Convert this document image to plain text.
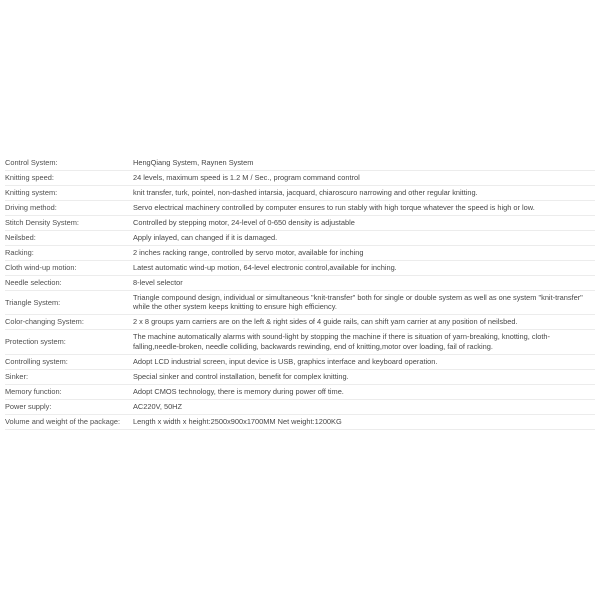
Control System:	HengQiang System, Raynen System
Knitting speed:	24 levels, maximum speed is 1.2 M / Sec., program command control
Knitting system:	knit transfer, turk, pointel, non-dashed intarsia, jacquard, chiaroscuro narrowing and other regular knitting.
Driving method:	Servo electrical machinery controlled by computer ensures to run stably with high torque whatever the speed is high or low.
Stitch Density System:	Controlled by stepping motor, 24-level of 0-650 density is adjustable
Neilsbed:	Apply inlayed, can changed if it is damaged.
Racking:	2 inches racking range, controlled by servo motor, available for inching
Cloth wind-up motion:	Latest automatic wind-up motion, 64-level electronic control,available for inching.
Needle selection:	8-level selector
Triangle System:	Triangle compound design, individual or simultaneous "knit-transfer" both for single or double system as well as one system "knit-transfer" while the other system keeps knitting to ensure high efficiency.
Color-changing System:	2 x 8 groups yarn carriers are on the left & right sides of 4 guide rails, can shift yarn carrier at any position of neilsbed.
Protection system:	The machine automatically alarms with sound-light by stopping the machine if there is situation of yarn-breaking, knotting, cloth-falling,needle-broken, needle colliding, backwards rewinding, end of knitting,motor over loading, fail of racking.
Controlling system:	Adopt LCD industrial screen, input device is USB, graphics interface and keyboard operation.
Sinker:	Special sinker and control installation, benefit for complex knitting.
Memory function:	Adopt CMOS technology, there is memory during power off time.
Power supply:	AC220V, 50HZ
Volume and weight of the package:	Length x width x height:2500x900x1700MM Net weight:1200KG
